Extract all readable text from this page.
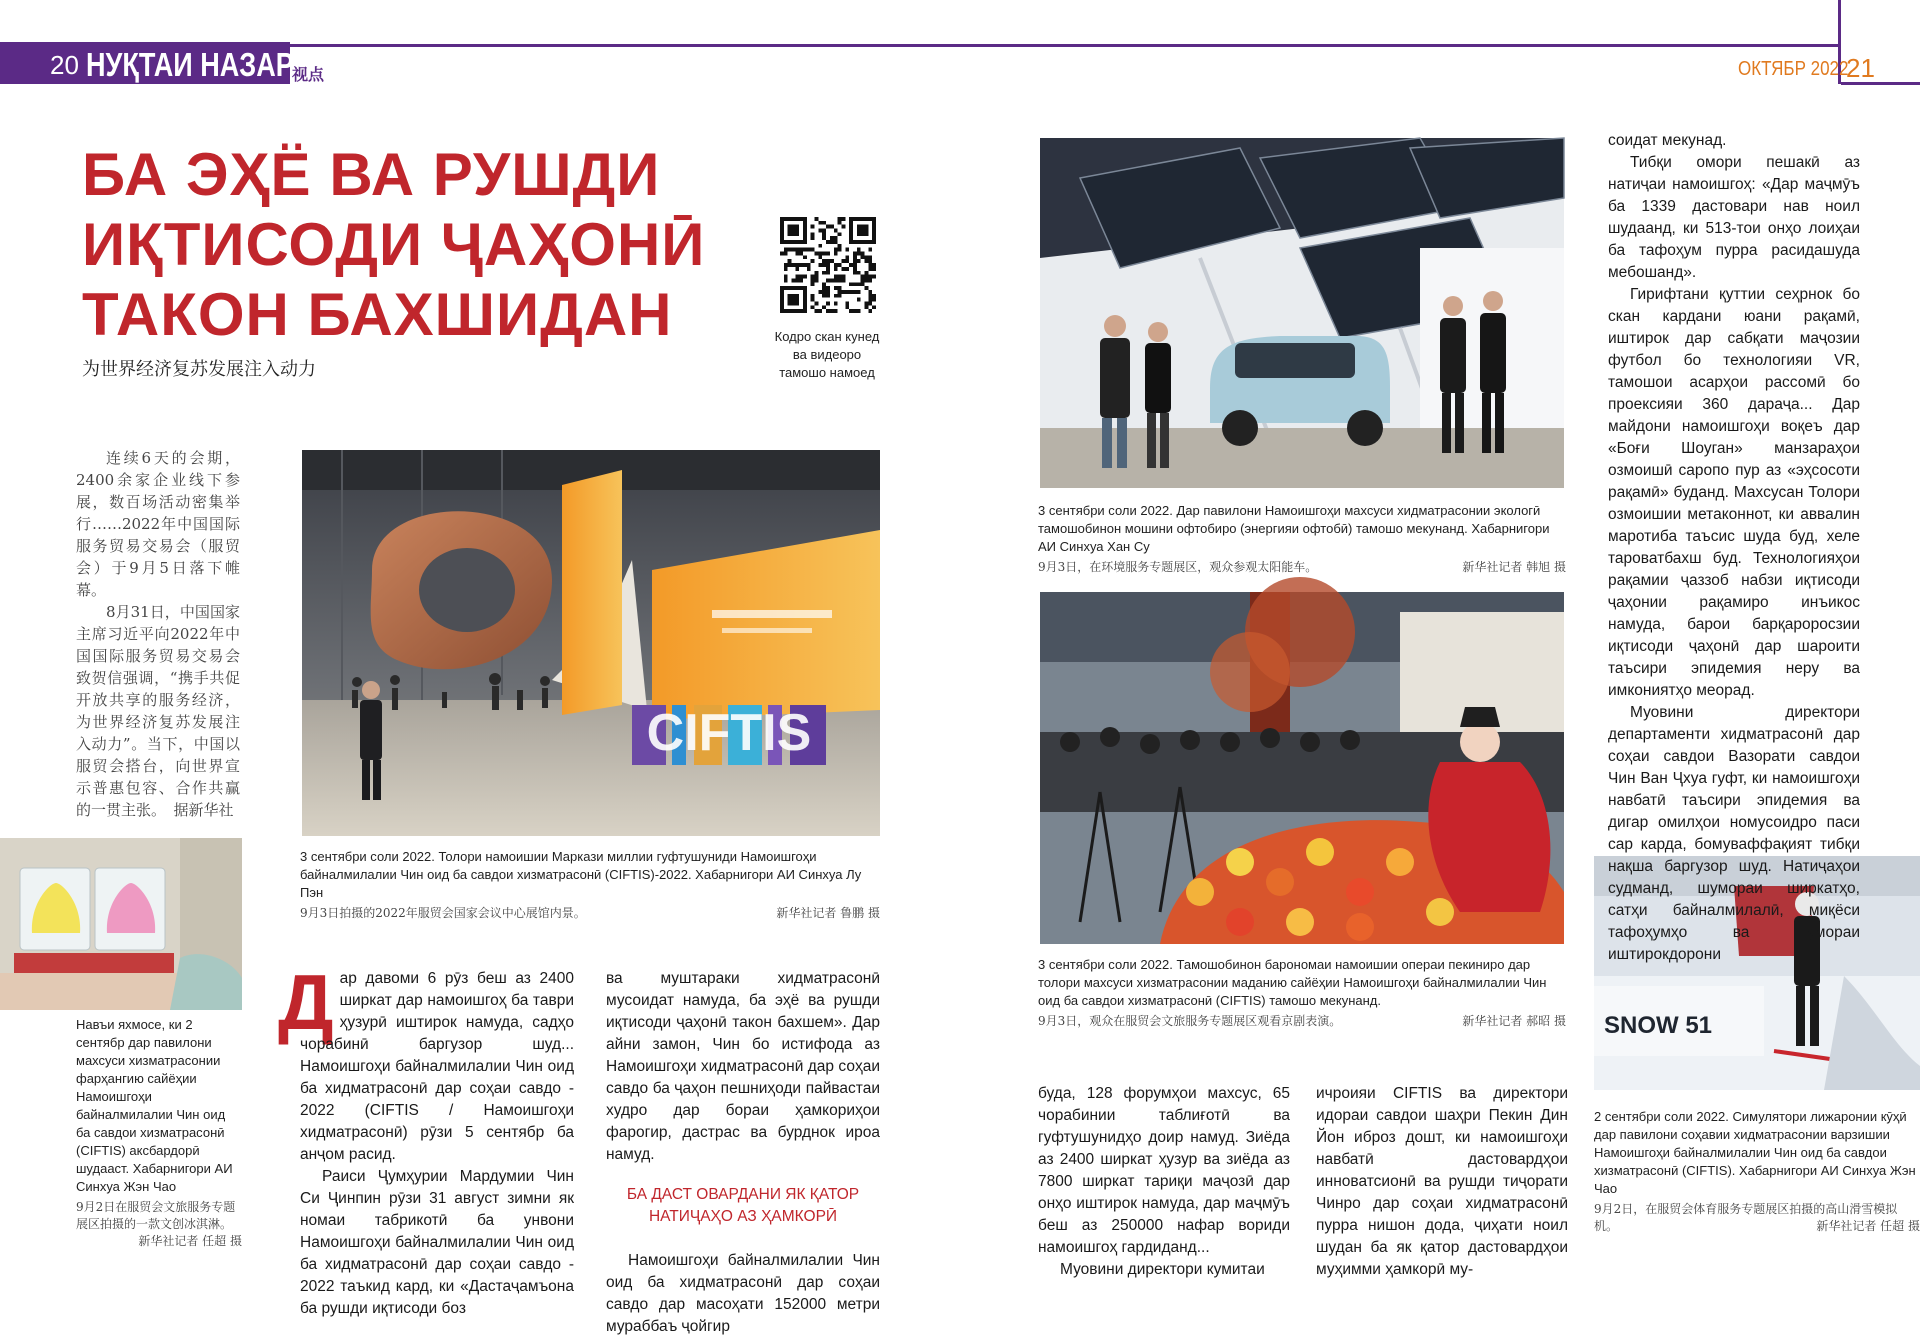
20 НУҚТАИ НАЗАР
视点	ОКТЯБР 2022
21
БА ЭҲЁ ВА РУШДИ
ИҚТИСОДИ ҶАҲОНӢ
ТАКОН БАХШИДАН
为世界经济复苏发展注入动力
Кодро скан кунед
ва видеоро
тамошо намоед

连续6天的会期，2400余家企业线下参展，数百场活动密集举行……2022年中国国际服务贸易交易会（服贸会）于9月5日落下帷幕。

8月31日，中国国家主席习近平向2022年中国国际服务贸易交易会致贺信强调，“携手共促开放共享的服务经济，为世界经济复苏发展注入动力”。当下，中国以服贸会搭台，向世界宣示普惠包容、合作共赢的一贯主张。　据新华社

CIFTIS
3 сентябри соли 2022. Толори намоишии Маркази миллии гуфтушуниди Намоишгоҳи байналмилалии Чин оид ба савдои хизматрасонӣ (CIFTIS)-2022. Хабарнигори АИ Синхуа Лу Пэн
9月3日拍摄的2022年服贸会国家会议中心展馆内景。	新华社记者 鲁鹏 摄
Навъи яхмосе, ки 2 сентябр дар павилони махсуси хизматрасонии фарҳангию сайёҳии Намоишгоҳи байналмилалии Чин оид ба савдои хизматрасонӣ (CIFTIS) аксбардорӣ шудааст. Хабарнигори АИ Синхуа Жэн Чао
9月2日在服贸会文旅服务专题展区拍摄的一款文创冰淇淋。
新华社记者 任超 摄

Дар давоми 6 рӯз беш аз 2400 ширкат дар намоишгоҳ ба таври ҳузурӣ иштирок намуда, садҳо чорабинӣ баргузор шуд... Намоишгоҳи байналмилалии Чин оид ба хидматрасонӣ дар соҳаи савдо - 2022 (CIFTIS / Намоишгоҳи хидматрасонӣ) рӯзи 5 сентябр ба анҷом расид.

Раиси Ҷумҳурии Мардумии Чин Си Ҷинпин рӯзи 31 август зимни як номаи табрикотӣ ба унвони Намоишгоҳи байналмилалии Чин оид ба хидматрасонӣ дар соҳаи савдо - 2022 таъкид кард, ки «Дастаҷамъона ба рушди иқтисоди боз

ва муштараки хидматрасонӣ мусоидат намуда, ба эҳё ва рушди иқтисоди ҷаҳонӣ такон бахшем». Дар айни замон, Чин бо истифода аз Намоишгоҳи хидматрасонӣ дар соҳаи савдо ба ҷаҳон пешниҳоди пайвастаи худро дар бораи ҳамкориҳои фарогир, дастрас ва бурднок ироа намуд.

БА ДАСТ ОВАРДАНИ ЯК ҚАТОР
НАТИҶАҲО АЗ ҲАМКОРӢ

Намоишгоҳи байналмилалии Чин оид ба хидматрасонӣ дар соҳаи савдо дар масоҳати 152000 метри мураббаъ ҷойгир

3 сентябри соли 2022. Дар павилони Намоишгоҳи махсуси хидматрасонии экологӣ тамошобинон мошини офтобиро (энергияи офтобӣ) тамошо мекунанд. Хабарнигори АИ Синхуа Хан Су
9月3日，在环境服务专题展区，观众参观太阳能车。	新华社记者 韩旭 摄
3 сентябри соли 2022. Тамошобинон барономаи намоишии операи пекиниро дар толори махсуси хизматрасонии маданию сайёҳии Намоишгоҳи байналмилалии Чин оид ба савдои хизматрасонӣ (CIFTIS) тамошо мекунанд.
9月3日，观众在服贸会文旅服务专题展区观看京剧表演。	新华社记者 郝昭 摄 SNOW 51
2 сентябри соли 2022. Симулятори лижаронии кӯҳӣ дар павилони соҳавии хидматрасонии варзишии Намоишгоҳи байналмилалии Чин оид ба савдои хизматрасонӣ (CIFTIS). Хабарнигори АИ Синхуа Жэн Чао
9月2日，在服贸会体育服务专题展区拍摄的高山滑雪模拟机。	新华社记者 任超 摄

буда, 128 форумҳои махсус, 65 чорабинии таблиғотӣ ва гуфтушунидҳо доир намуд. Зиёда аз 2400 ширкат ҳузур ва зиёда аз 7800 ширкат тариқи маҷозӣ дар онҳо иштирок намуда, дар маҷмӯъ беш аз 250000 нафар вориди намоишгоҳ гардиданд...

Муовини директори кумитаи

ичроияи CIFTIS ва директори идораи савдои шаҳри Пекин Дин Йон иброз дошт, ки намоишгоҳи навбатӣ дастовардҳои инноватсионӣ ва рушди тиҷорати Чинро дар соҳаи хидматрасонӣ пурра нишон дода, ҷиҳати ноил шудан ба як қатор дастовардҳои муҳимми ҳамкорӣ му-

соидат мекунад.

Тибқи омори пешакӣ аз натиҷаи намоишгоҳ: «Дар маҷмӯъ ба 1339 дастовари нав ноил шудаанд, ки 513-тои онҳо лоиҳаи ба тафоҳум пурра расидашуда мебошанд».

Гирифтани қуттии сеҳрнок бо скан кардани юани рақамӣ, иштирок дар сабқати маҷозии футбол бо технологияи VR, тамошои асарҳои рассомӣ бо проексияи 360 дараҷа... Дар майдони намоишгоҳи воқеъ дар «Боғи Шоуган» манзараҳои озмоишӣ саропо пур аз «эҳсосоти рақамӣ» буданд. Махсусан Толори озмоишии метаконнот, ки аввалин маротиба таъсис шуда буд, хеле тароватбахш буд. Технологияҳои рақамии ҷаззоб набзи иқтисоди ҷаҳонии рақамиро инъикос намуда, барои барқароросзии иқтисоди ҷаҳонӣ дар шароити таъсири эпидемия неру ва имкониятҳо меорад.

Муовини директори департаменти хидматрасонӣ дар соҳаи савдои Вазорати савдои Чин Ван Ҷхуа гуфт, ки намоишгоҳи навбатӣ таъсири эпидемия ва дигар омилҳои номусоидро паси сар карда, бомуваффақият тибқи нақша баргузор шуд. Натиҷаҳои судманд, шумораи ширкатҳо, сатҳи байналмилалӣ, миқёси тафоҳумҳо ва шумораи иштирокдорони
